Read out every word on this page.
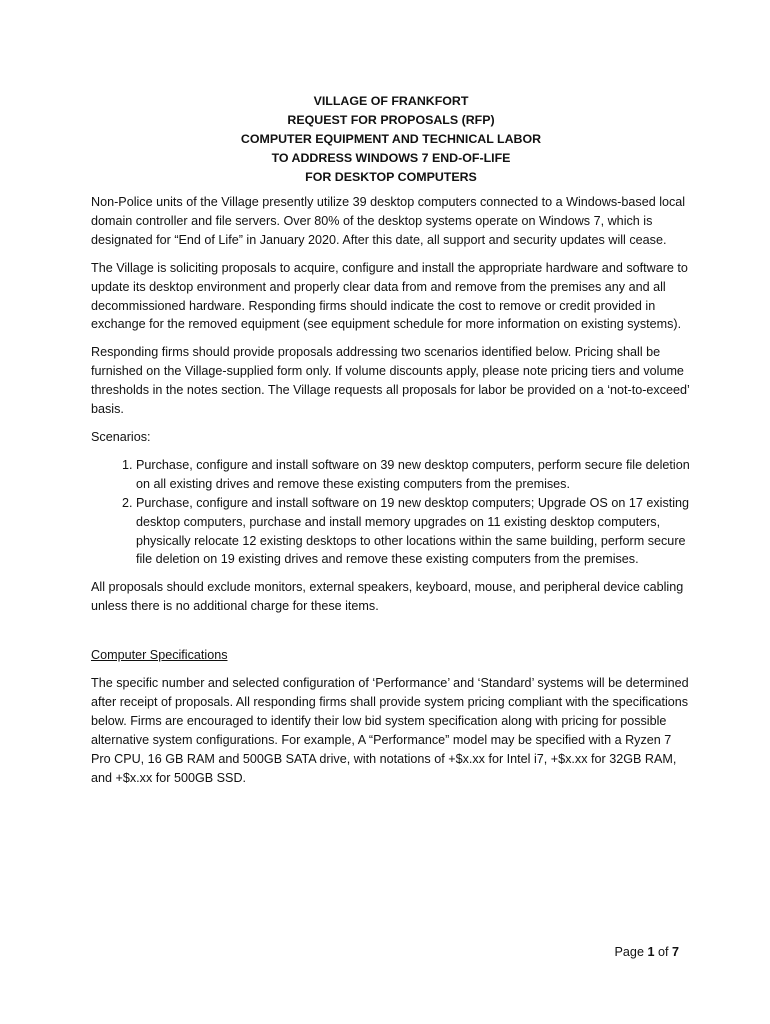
VILLAGE OF FRANKFORT
REQUEST FOR PROPOSALS (RFP)
COMPUTER EQUIPMENT AND TECHNICAL LABOR
TO ADDRESS WINDOWS 7 END-OF-LIFE
FOR DESKTOP COMPUTERS

Non-Police units of the Village presently utilize 39 desktop computers connected to a Windows-based local domain controller and file servers. Over 80% of the desktop systems operate on Windows 7, which is designated for “End of Life” in January 2020. After this date, all support and security updates will cease.

The Village is soliciting proposals to acquire, configure and install the appropriate hardware and software to update its desktop environment and properly clear data from and remove from the premises any and all decommissioned hardware. Responding firms should indicate the cost to remove or credit provided in exchange for the removed equipment (see equipment schedule for more information on existing systems).

Responding firms should provide proposals addressing two scenarios identified below. Pricing shall be furnished on the Village-supplied form only. If volume discounts apply, please note pricing tiers and volume thresholds in the notes section. The Village requests all proposals for labor be provided on a ‘not-to-exceed’ basis.

Scenarios:

1. Purchase, configure and install software on 39 new desktop computers, perform secure file deletion on all existing drives and remove these existing computers from the premises.
2. Purchase, configure and install software on 19 new desktop computers; Upgrade OS on 17 existing desktop computers, purchase and install memory upgrades on 11 existing desktop computers, physically relocate 12 existing desktops to other locations within the same building, perform secure file deletion on 19 existing drives and remove these existing computers from the premises.

All proposals should exclude monitors, external speakers, keyboard, mouse, and peripheral device cabling unless there is no additional charge for these items.

Computer Specifications

The specific number and selected configuration of ‘Performance’ and ‘Standard’ systems will be determined after receipt of proposals. All responding firms shall provide system pricing compliant with the specifications below. Firms are encouraged to identify their low bid system specification along with pricing for possible alternative system configurations. For example, A “Performance” model may be specified with a Ryzen 7 Pro CPU, 16 GB RAM and 500GB SATA drive, with notations of +$x.xx for Intel i7, +$x.xx for 32GB RAM, and +$x.xx for 500GB SSD.

Page 1 of 7
